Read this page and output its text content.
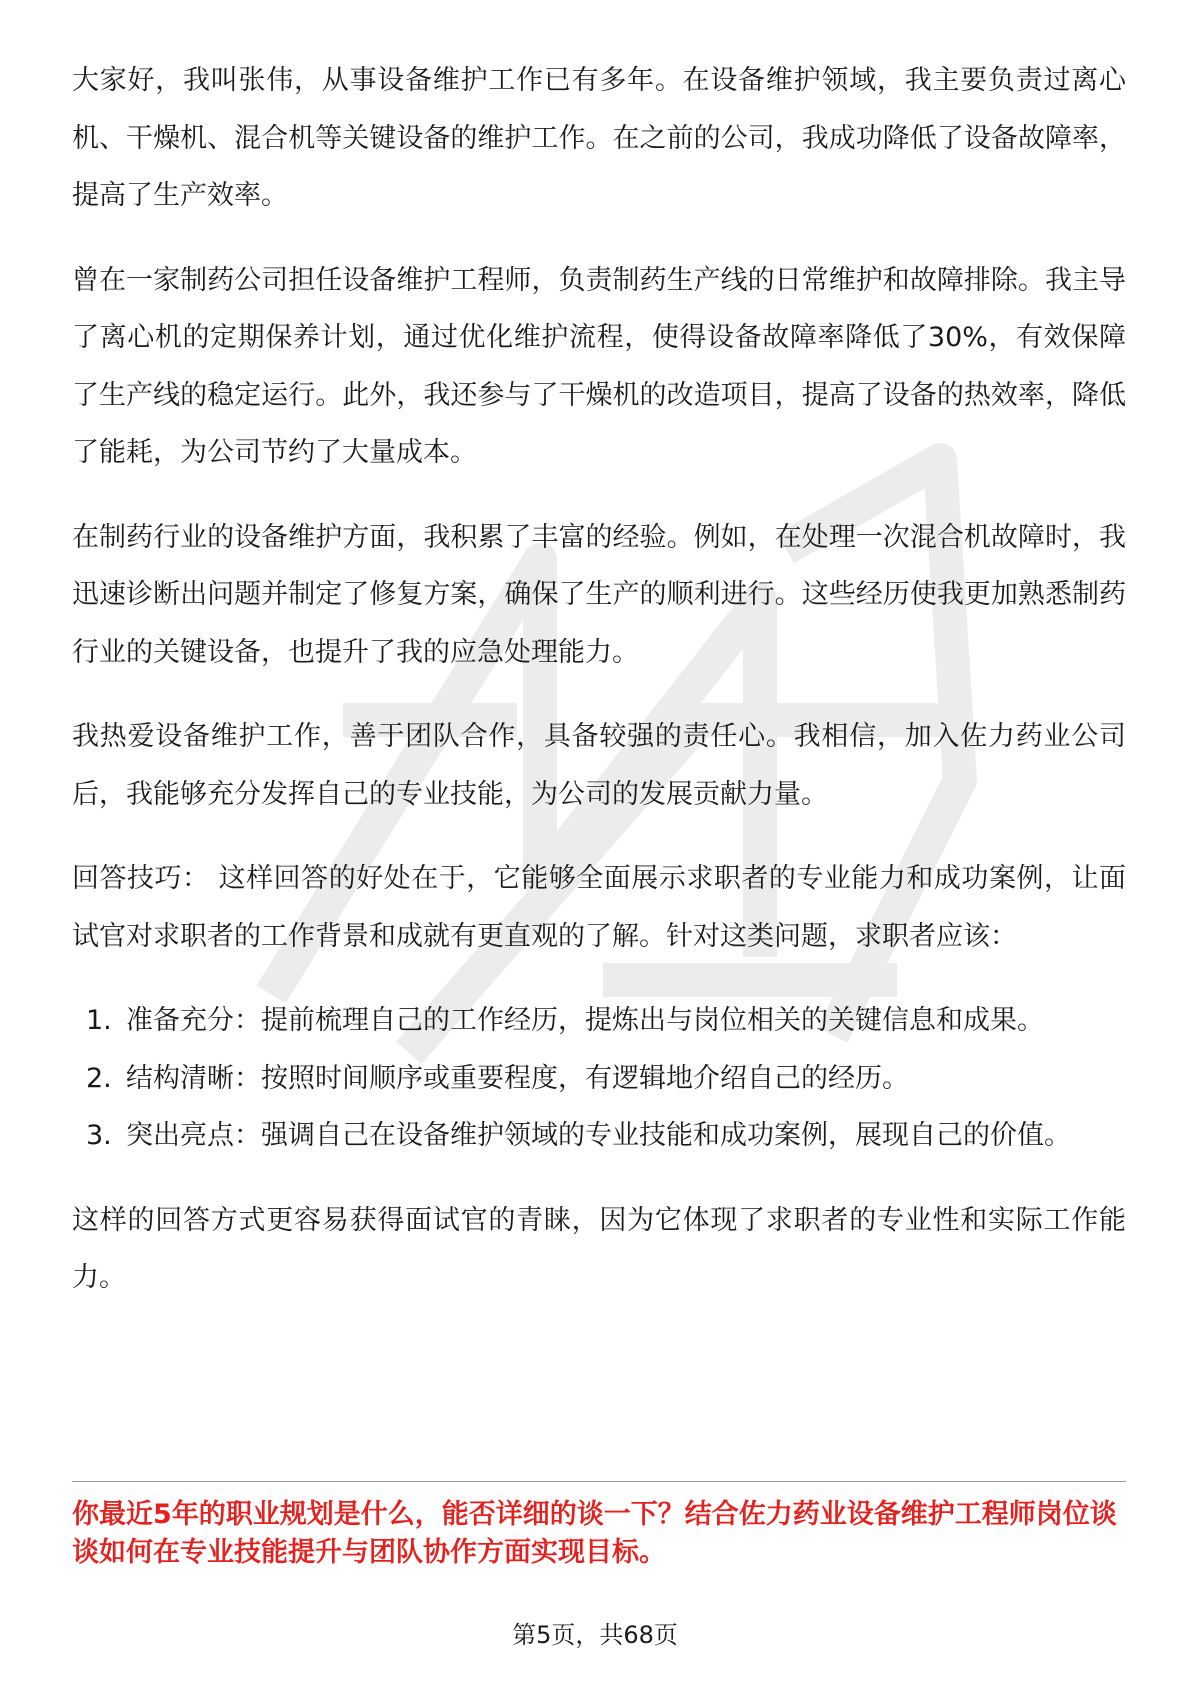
大家好，我叫张伟，从事设备维护工作已有多年。在设备维护领域，我主要负责过离心机、干燥机、混合机等关键设备的维护工作。在之前的公司，我成功降低了设备故障率，提高了生产效率。

曾在一家制药公司担任设备维护工程师，负责制药生产线的日常维护和故障排除。我主导了离心机的定期保养计划，通过优化维护流程，使得设备故障率降低了30%，有效保障了生产线的稳定运行。此外，我还参与了干燥机的改造项目，提高了设备的热效率，降低了能耗，为公司节约了大量成本。

在制药行业的设备维护方面，我积累了丰富的经验。例如，在处理一次混合机故障时，我迅速诊断出问题并制定了修复方案，确保了生产的顺利进行。这些经历使我更加熟悉制药行业的关键设备，也提升了我的应急处理能力。

我热爱设备维护工作，善于团队合作，具备较强的责任心。我相信，加入佐力药业公司后，我能够充分发挥自己的专业技能，为公司的发展贡献力量。

回答技巧： 这样回答的好处在于，它能够全面展示求职者的专业能力和成功案例，让面试官对求职者的工作背景和成就有更直观的了解。针对这类问题，求职者应该：

1. 准备充分：提前梳理自己的工作经历，提炼出与岗位相关的关键信息和成果。
2. 结构清晰：按照时间顺序或重要程度，有逻辑地介绍自己的经历。
3. 突出亮点：强调自己在设备维护领域的专业技能和成功案例，展现自己的价值。

这样的回答方式更容易获得面试官的青睐，因为它体现了求职者的专业性和实际工作能力。

你最近5年的职业规划是什么，能否详细的谈一下？结合佐力药业设备维护工程师岗位谈谈如何在专业技能提升与团队协作方面实现目标。
第5页，共68页
